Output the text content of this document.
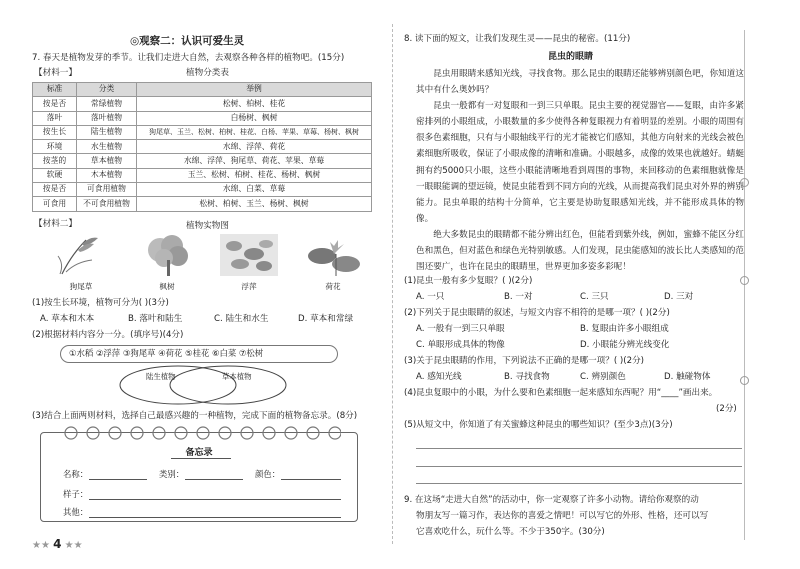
◎观察二：认识可爱生灵
7. 春天是植物发芽的季节。让我们走进大自然，去观察各种各样的植物吧。(15分)
【材料一】	植物分类表
标准	分类	举例
按是否	常绿植物	松树、柏树、桂花
落叶	落叶植物	白杨树、枫树
按生长	陆生植物	狗尾草、玉兰、松树、柏树、桂花、白杨、苹果、草莓、杨树、枫树
环境	水生植物	水绵、浮萍、荷花
按茎的	草本植物	水绵、浮萍、狗尾草、荷花、苹果、草莓
软硬	木本植物	玉兰、松树、柏树、桂花、杨树、枫树
按是否	可食用植物	水绵、白菜、草莓
可食用	不可食用植物	松树、柏树、玉兰、杨树、枫树
【材料二】	植物实物图
狗尾草	枫树	浮萍	荷花
(1)按生长环境，植物可分为( )(3分)
A. 草本和木本	B. 落叶和陆生	C. 陆生和水生	D. 草本和常绿
(2)根据材料内容分一分。(填序号)(4分)
①水稻 ②浮萍 ③狗尾草 ④荷花 ⑤桂花 ⑥白菜 ⑦松树
陆生植物	草本植物
(3)结合上面两则材料，选择自己最感兴趣的一种植物，完成下面的植物备忘录。(8分)
备忘录
名称：	类别：	颜色：
样子：
其他：
★★ 4 ★★
8. 读下面的短文，让我们发现生灵——昆虫的秘密。(11分)
昆虫的眼睛

昆虫用眼睛来感知光线，寻找食物。那么昆虫的眼睛还能够辨别颜色吧，你知道这其中有什么奥妙吗？

昆虫一般都有一对复眼和一到三只单眼。昆虫主要的视觉器官——复眼，由许多紧密排列的小眼组成，小眼数量的多少使得各种复眼视力有着明显的差别。小眼的周围有很多色素细胞，只有与小眼轴线平行的光才能被它们感知，其他方向射来的光线会被色素细胞所吸收，保证了小眼成像的清晰和准确。小眼越多，成像的效果也就越好。蜻蜓拥有约5000只小眼，这些小眼能清晰地看到周围的事物，来回移动的色素细胞就像是一眼眼能调的望远镜，使昆虫能看到不同方向的光线，从而提高我们昆虫对外界的辨别能力。昆虫单眼的结构十分简单，它主要是协助复眼感知光线，并不能形成具体的物像。

绝大多数昆虫的眼睛都不能分辨出红色，但能看到紫外线，例如，蜜蜂不能区分红色和黑色，但对蓝色和绿色光特别敏感。人们发现，昆虫能感知的波长比人类感知的范围还要广，也许在昆虫的眼睛里，世界更加多姿多彩呢！

(1)昆虫一般有多少复眼？( )(2分)
A. 一只	B. 一对	C. 三只	D. 三对
(2)下列关于昆虫眼睛的叙述，与短文内容不相符的是哪一项？( )(2分)
A. 一般有一到三只单眼	B. 复眼由许多小眼组成
C. 单眼形成具体的物像	D. 小眼能分辨光线变化
(3)关于昆虫眼睛的作用，下列说法不正确的是哪一项？( )(2分)
A. 感知光线	B. 寻找食物	C. 辨别颜色	D. 触碰物体
(4)昆虫复眼中的小眼，为什么要和色素细胞一起来感知东西呢？用“____”画出来。
(2分)
(5)从短文中，你知道了有关蜜蜂这种昆虫的哪些知识？(至少3点)(3分)
9. 在这场“走进大自然”的活动中，你一定观察了许多小动物。请给你观察的动
物朋友写一篇习作，表达你的喜爱之情吧！可以写它的外形、性格，还可以写
它喜欢吃什么，玩什么等。不少于350字。(30分)
